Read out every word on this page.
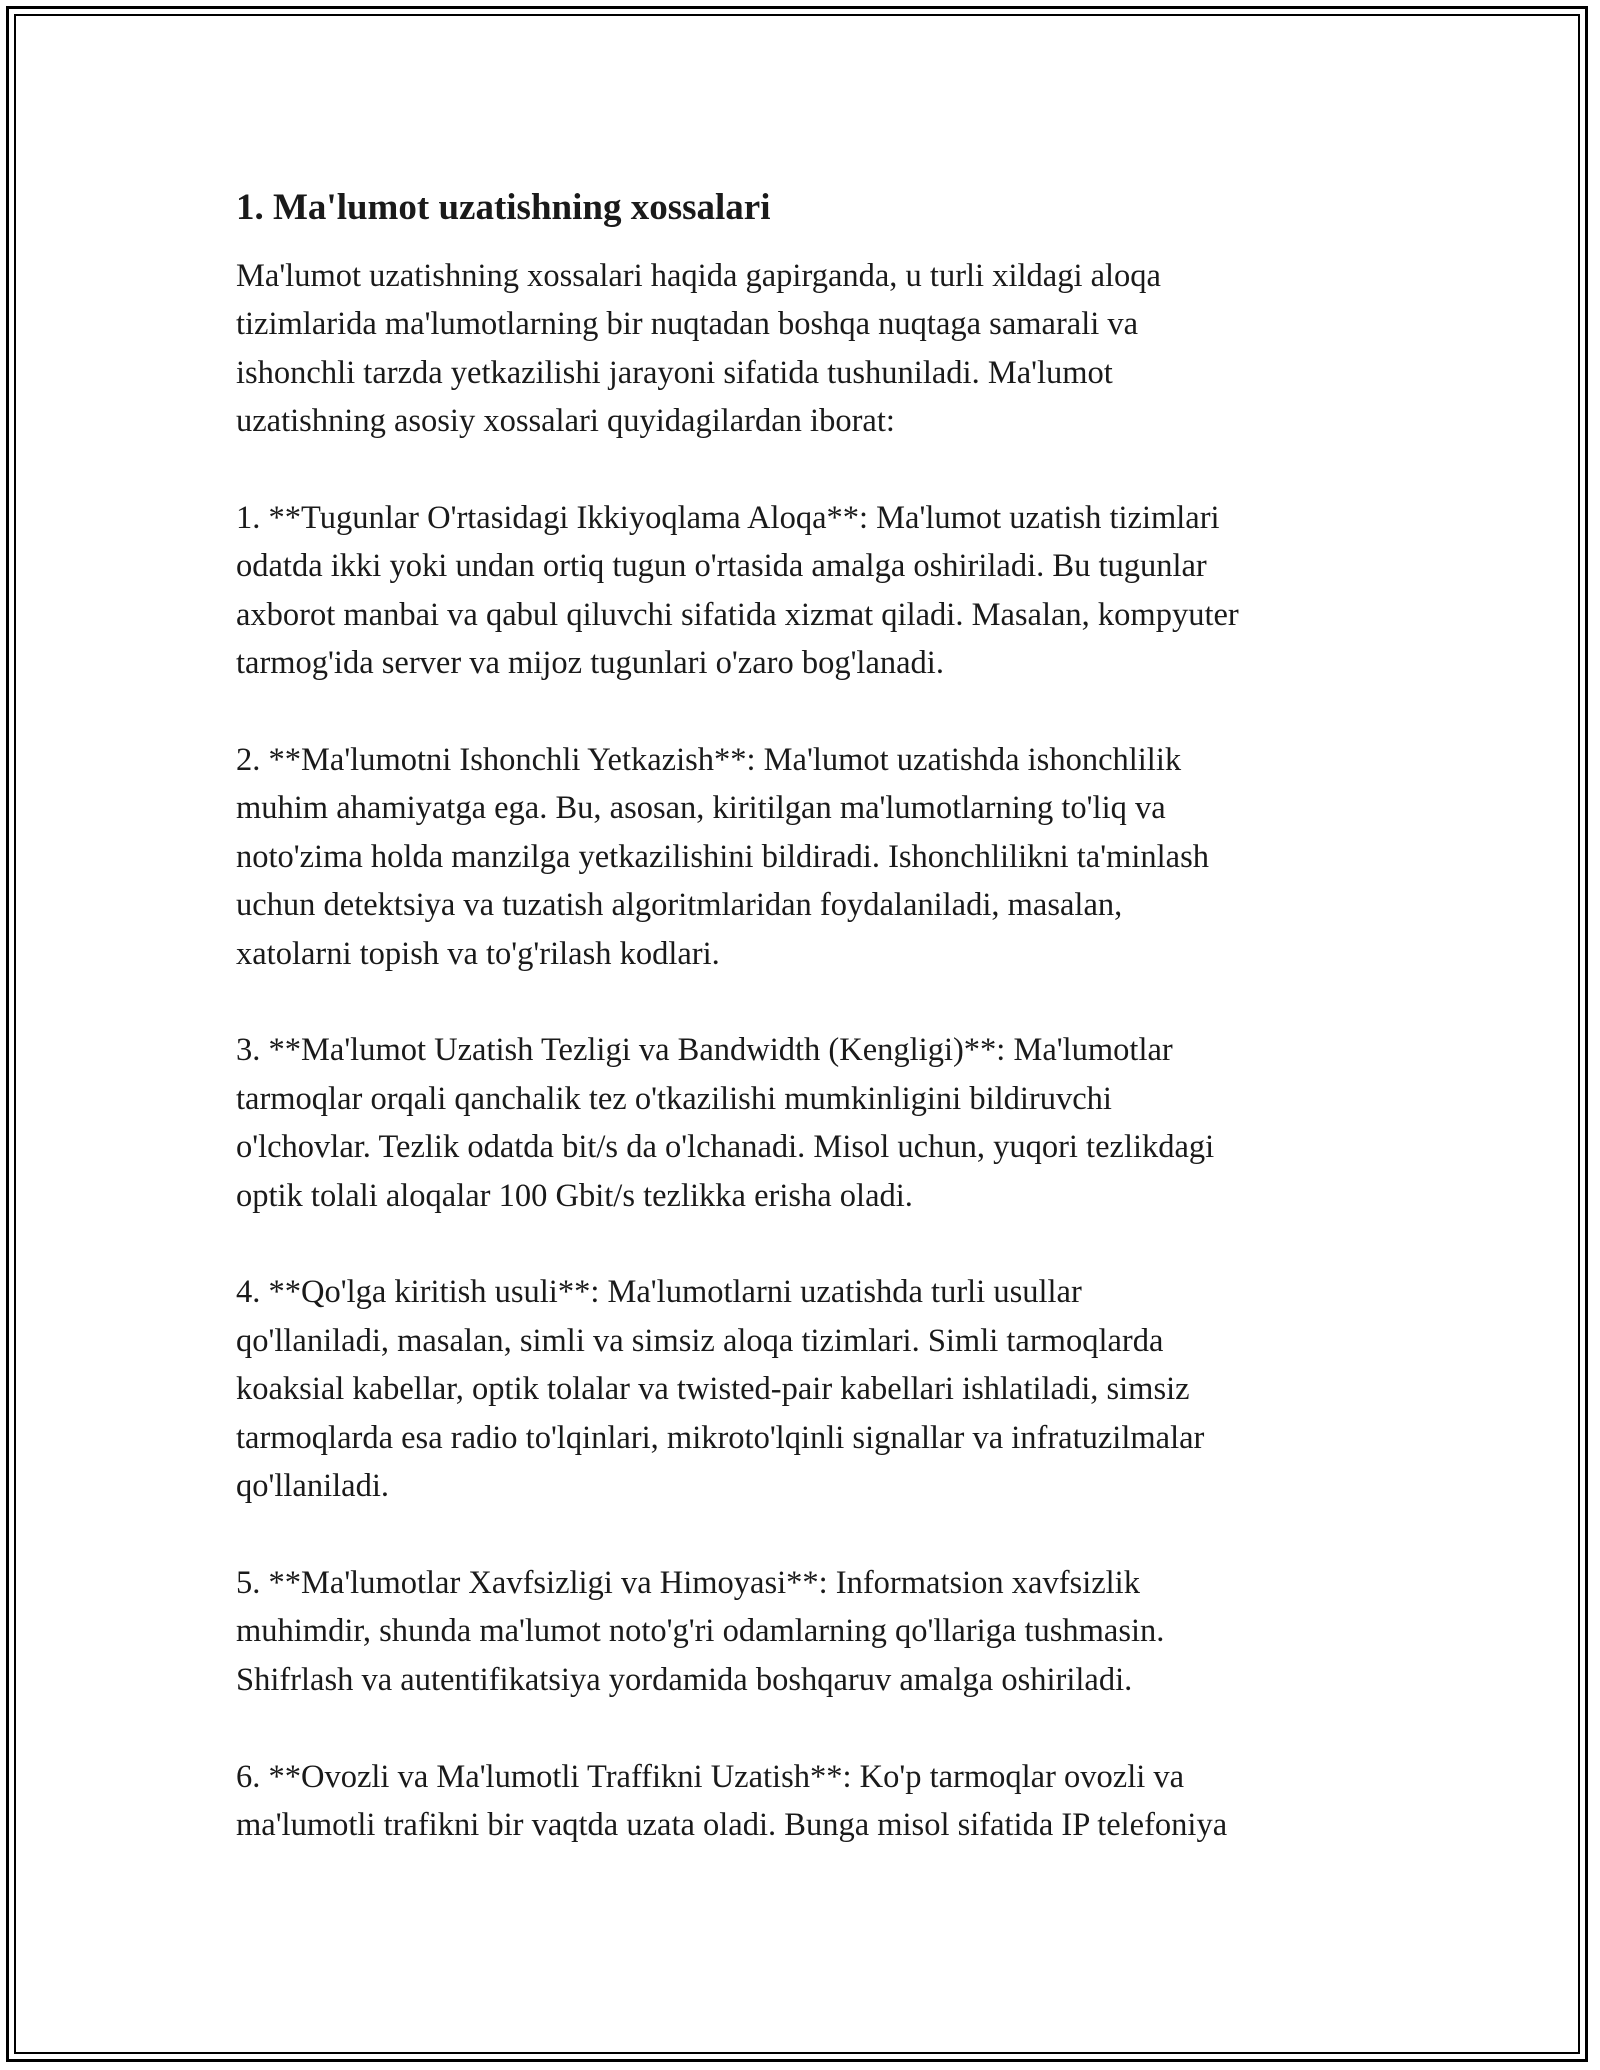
1. Ma'lumot uzatishning xossalari

Ma'lumot uzatishning xossalari haqida gapirganda, u turli xildagi aloqa
tizimlarida ma'lumotlarning bir nuqtadan boshqa nuqtaga samarali va
ishonchli tarzda yetkazilishi jarayoni sifatida tushuniladi. Ma'lumot
uzatishning asosiy xossalari quyidagilardan iborat:

1. **Tugunlar O'rtasidagi Ikkiyoqlama Aloqa**: Ma'lumot uzatish tizimlari
odatda ikki yoki undan ortiq tugun o'rtasida amalga oshiriladi. Bu tugunlar
axborot manbai va qabul qiluvchi sifatida xizmat qiladi. Masalan, kompyuter
tarmog'ida server va mijoz tugunlari o'zaro bog'lanadi.

2. **Ma'lumotni Ishonchli Yetkazish**: Ma'lumot uzatishda ishonchlilik
muhim ahamiyatga ega. Bu, asosan, kiritilgan ma'lumotlarning to'liq va
noto'zima holda manzilga yetkazilishini bildiradi. Ishonchlilikni ta'minlash
uchun detektsiya va tuzatish algoritmlaridan foydalaniladi, masalan,
xatolarni topish va to'g'rilash kodlari.

3. **Ma'lumot Uzatish Tezligi va Bandwidth (Kengligi)**: Ma'lumotlar
tarmoqlar orqali qanchalik tez o'tkazilishi mumkinligini bildiruvchi
o'lchovlar. Tezlik odatda bit/s da o'lchanadi. Misol uchun, yuqori tezlikdagi
optik tolali aloqalar 100 Gbit/s tezlikka erisha oladi.

4. **Qo'lga kiritish usuli**: Ma'lumotlarni uzatishda turli usullar
qo'llaniladi, masalan, simli va simsiz aloqa tizimlari. Simli tarmoqlarda
koaksial kabellar, optik tolalar va twisted-pair kabellari ishlatiladi, simsiz
tarmoqlarda esa radio to'lqinlari, mikroto'lqinli signallar va infratuzilmalar
qo'llaniladi.

5. **Ma'lumotlar Xavfsizligi va Himoyasi**: Informatsion xavfsizlik
muhimdir, shunda ma'lumot noto'g'ri odamlarning qo'llariga tushmasin.
Shifrlash va autentifikatsiya yordamida boshqaruv amalga oshiriladi.

6. **Ovozli va Ma'lumotli Traffikni Uzatish**: Ko'p tarmoqlar ovozli va
ma'lumotli trafikni bir vaqtda uzata oladi. Bunga misol sifatida IP telefoniya
